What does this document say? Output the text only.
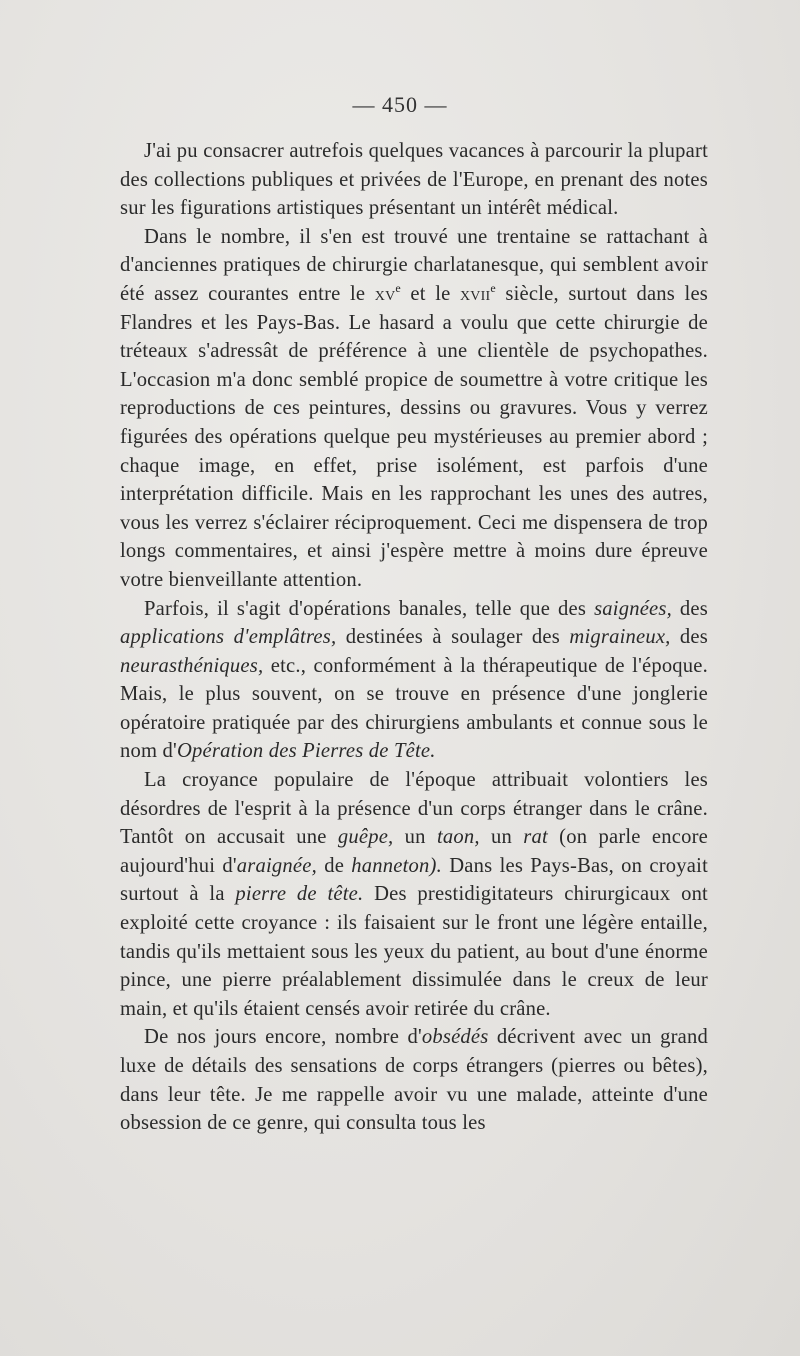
— 450 —

J'ai pu consacrer autrefois quelques vacances à parcourir la plupart des collections publiques et privées de l'Europe, en prenant des notes sur les figurations artistiques présentant un intérêt médical.

Dans le nombre, il s'en est trouvé une trentaine se rattachant à d'anciennes pratiques de chirurgie charlatanesque, qui semblent avoir été assez courantes entre le $xv^e$ et le xvii$^e$ siècle, surtout dans les Flandres et les Pays-Bas. Le hasard a voulu que cette chirurgie de tréteaux s'adressât de préférence à une clientèle de psychopathes. L'occasion m'a donc semblé propice de soumettre à votre critique les reproductions de ces peintures, dessins ou gravures. Vous y verrez figurées des opérations quelque peu mystérieuses au premier abord ; chaque image, en effet, prise isolément, est parfois d'une interprétation difficile. Mais en les rapprochant les unes des autres, vous les verrez s'éclairer réciproquement. Ceci me dispensera de trop longs commentaires, et ainsi j'espère mettre à moins dure épreuve votre bienveillante attention.

Parfois, il s'agit d'opérations banales, telle que des saignées, des applications d'emplâtres, destinées à soulager des migraineux, des neurasthéniques, etc., conformément à la thérapeutique de l'époque. Mais, le plus souvent, on se trouve en présence d'une jonglerie opératoire pratiquée par des chirurgiens ambulants et connue sous le nom d'Opération des Pierres de Tête.

La croyance populaire de l'époque attribuait volontiers les désordres de l'esprit à la présence d'un corps étranger dans le crâne. Tantôt on accusait une guêpe, un taon, un rat (on parle encore aujourd'hui d'araignée, de hanneton). Dans les Pays-Bas, on croyait surtout à la pierre de tête. Des prestidigitateurs chirurgicaux ont exploité cette croyance : ils faisaient sur le front une légère entaille, tandis qu'ils mettaient sous les yeux du patient, au bout d'une énorme pince, une pierre préalablement dissimulée dans le creux de leur main, et qu'ils étaient censés avoir retirée du crâne.

De nos jours encore, nombre d'obsédés décrivent avec un grand luxe de détails des sensations de corps étrangers (pierres ou bêtes), dans leur tête. Je me rappelle avoir vu une malade, atteinte d'une obsession de ce genre, qui consulta tous les
